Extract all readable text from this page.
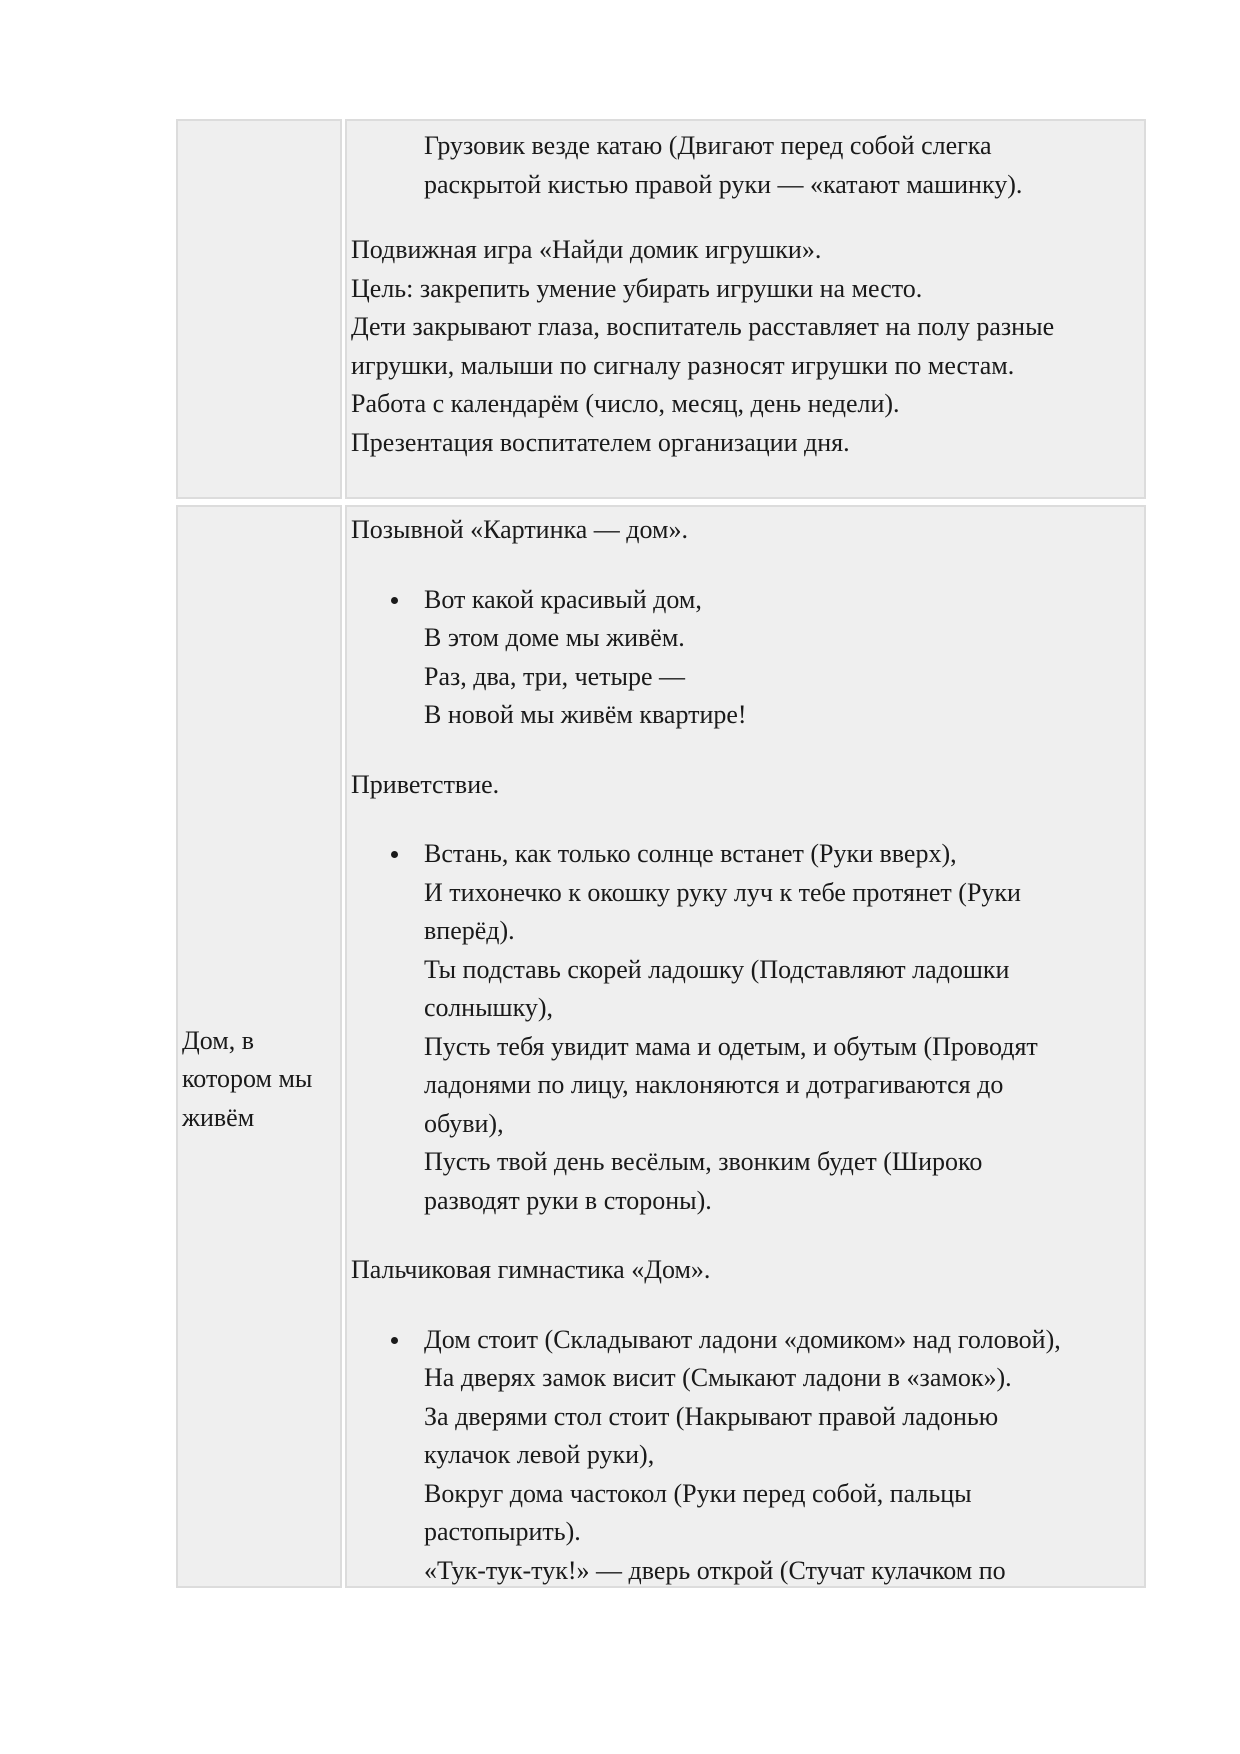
Грузовик везде катаю (Двигают перед собой слегка
раскрытой кистью правой руки — «катают машинку).
Подвижная игра «Найди домик игрушки».
Цель: закрепить умение убирать игрушки на место.
Дети закрывают глаза, воспитатель расставляет на полу разные
игрушки, малыши по сигналу разносят игрушки по местам.
Работа с календарём (число, месяц, день недели).
Презентация воспитателем организации дня.

Дом, в котором мы живём

Позывной «Картинка — дом».

Вот какой красивый дом,
В этом доме мы живём.
Раз, два, три, четыре —
В новой мы живём квартире!

Приветствие.

Встань, как только солнце встанет (Руки вверх),
И тихонечко к окошку руку луч к тебе протянет (Руки
вперёд).
Ты подставь скорей ладошку (Подставляют ладошки
солнышку),
Пусть тебя увидит мама и одетым, и обутым (Проводят
ладонями по лицу, наклоняются и дотрагиваются до
обуви),
Пусть твой день весёлым, звонким будет (Широко
разводят руки в стороны).

Пальчиковая гимнастика «Дом».

Дом стоит (Складывают ладони «домиком» над головой),
На дверях замок висит (Смыкают ладони в «замок»).
За дверями стол стоит (Накрывают правой ладонью
кулачок левой руки),
Вокруг дома частокол (Руки перед собой, пальцы
растопырить).
«Тук-тук-тук!» — дверь открой (Стучат кулачком по
